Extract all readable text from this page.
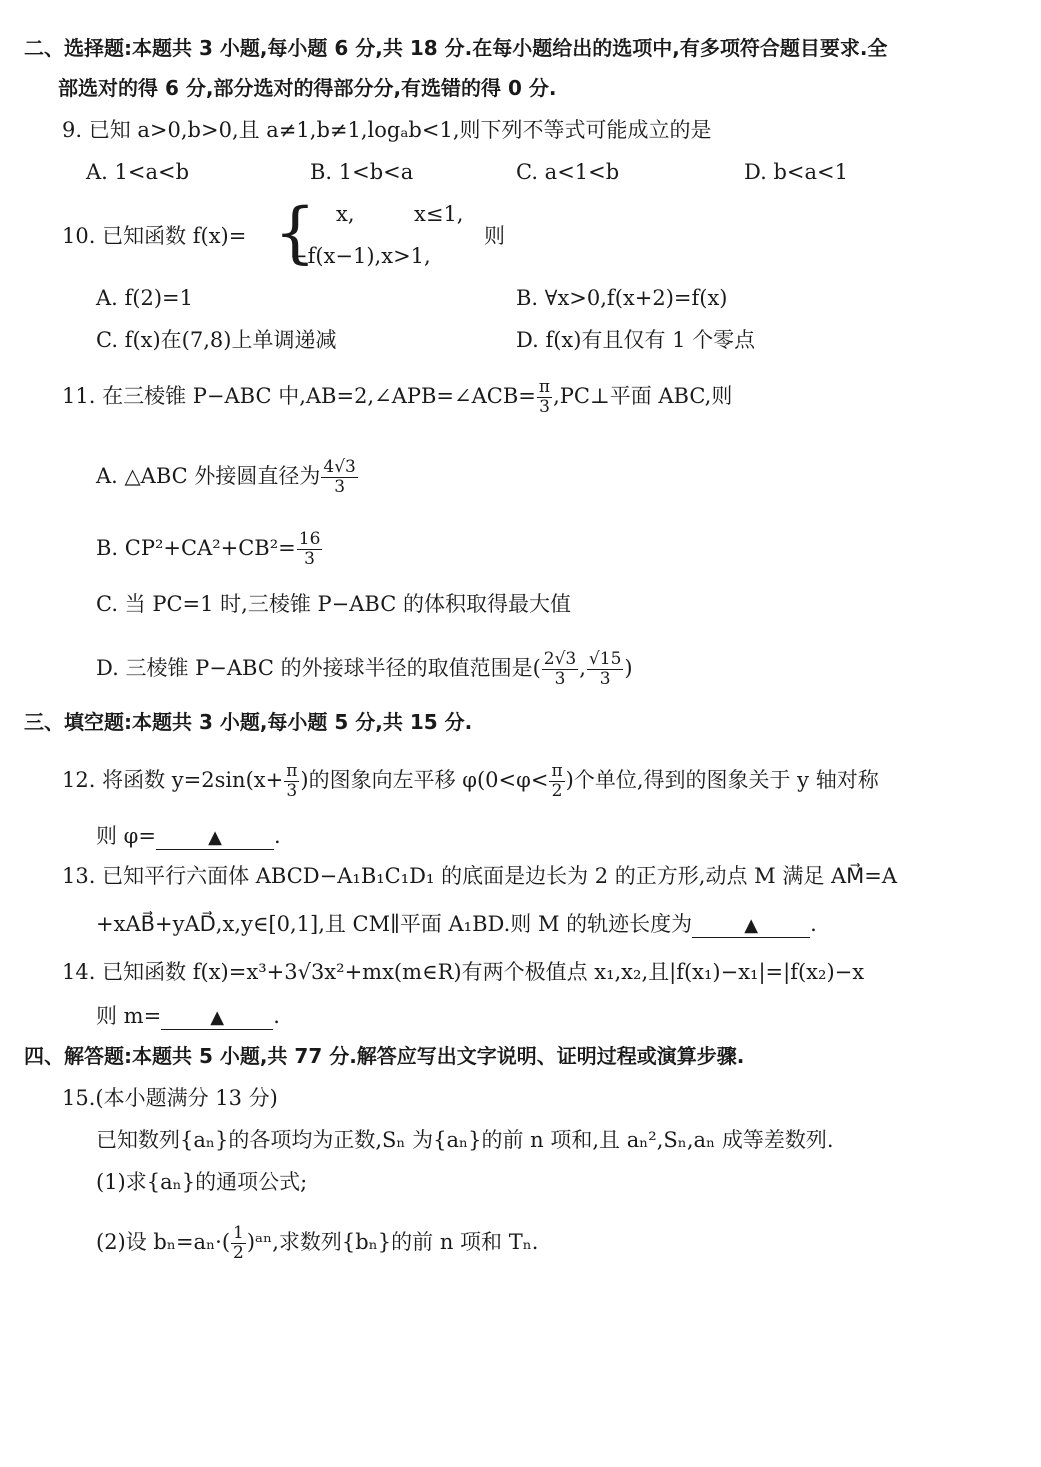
二、选择题:本题共 3 小题,每小题 6 分,共 18 分.在每小题给出的选项中,有多项符合题目要求.全
部选对的得 6 分,部分选对的得部分分,有选错的得 0 分.
9. 已知 a>0,b>0,且 a≠1,b≠1,logₐb<1,则下列不等式可能成立的是
A. 1<a<b	B. 1<b<a	C. a<1<b	D. b<a<1
10. 已知函数 f(x)= { x,	x≤1,
−f(x−1),x>1,
则
A. f(2)=1	B. ∀x>0,f(x+2)=f(x)
C. f(x)在(7,8)上单调递减	D. f(x)有且仅有 1 个零点
11. 在三棱锥 P−ABC 中,AB=2,∠APB=∠ACB= $\frac{\pi}{3}$ ,PC⊥平面 ABC,则
A. △ABC 外接圆直径为 $\frac{4√3}{3}$
B. $CP^2+CA^2+CB^2= \frac{16}{3}$
C. 当 PC=1 时,三棱锥 P−ABC 的体积取得最大值
D. 三棱锥 P−ABC 的外接球半径的取值范围是( $\frac{2√3}{3}$ , $\frac{√15}{3}$ )
三、填空题:本题共 3 小题,每小题 5 分,共 15 分.
12. 将函数 $y=2\sin(x+ \frac{\pi}{3}$ )的图象向左平移 $\varphi(0<\varphi< \frac{\pi}{2}$ )个单位,得到的图象关于 y 轴对称
则 φ=	▲ .
13. 已知平行六面体 ABCD−A₁B₁C₁D₁ 的底面是边长为 2 的正方形,动点 M 满足 AM⃗=A
+xAB⃗+yAD⃗,x,y∈[0,1],且 CM∥平面 A₁BD.则 M 的轨迹长度为	▲ .
14. 已知函数 f(x)=x³+3√3x²+mx(m∈R)有两个极值点 x₁,x₂,且|f(x₁)−x₁|=|f(x₂)−x
则 m=	▲ .
四、解答题:本题共 5 小题,共 77 分.解答应写出文字说明、证明过程或演算步骤.
15.(本小题满分 13 分)
已知数列{aₙ}的各项均为正数,Sₙ 为{aₙ}的前 n 项和,且 aₙ²,Sₙ,aₙ 成等差数列.
(1)求{aₙ}的通项公式;
(2)设 $b_n=a_n\cdot( \frac{1}{2}$ )ᵃⁿ,求数列{bₙ}的前 n 项和 Tₙ.
